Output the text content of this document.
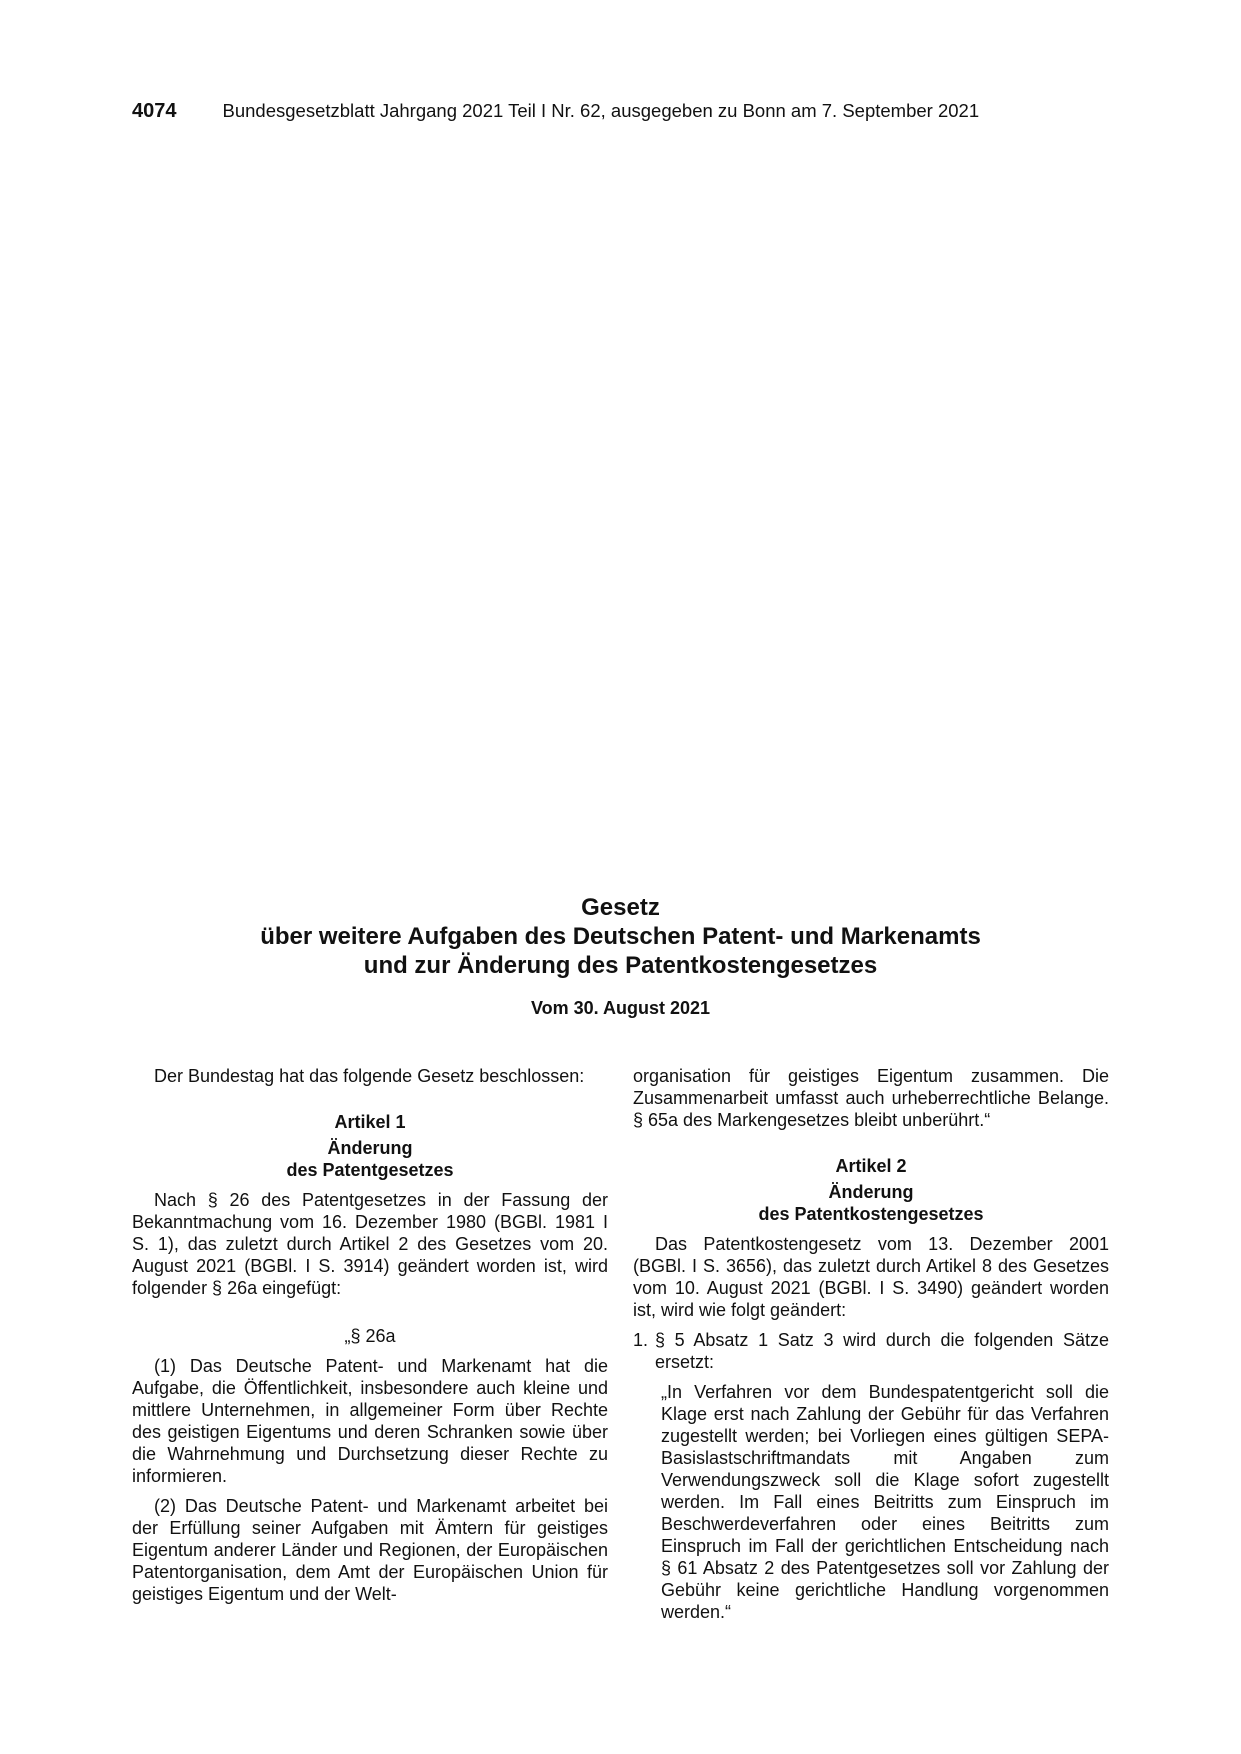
4074 Bundesgesetzblatt Jahrgang 2021 Teil I Nr. 62, ausgegeben zu Bonn am 7. September 2021
Gesetz
über weitere Aufgaben des Deutschen Patent- und Markenamts
und zur Änderung des Patentkostengesetzes
Vom 30. August 2021

Der Bundestag hat das folgende Gesetz beschlossen:

Artikel 1

Änderung

des Patentgesetzes

Nach § 26 des Patentgesetzes in der Fassung der Bekanntmachung vom 16. Dezember 1980 (BGBl. 1981 I S. 1), das zuletzt durch Artikel 2 des Gesetzes vom 20. August 2021 (BGBl. I S. 3914) geändert worden ist, wird folgender § 26a eingefügt:

„§ 26a

(1) Das Deutsche Patent- und Markenamt hat die Aufgabe, die Öffentlichkeit, insbesondere auch kleine und mittlere Unternehmen, in allgemeiner Form über Rechte des geistigen Eigentums und deren Schranken sowie über die Wahrnehmung und Durchsetzung dieser Rechte zu informieren.

(2) Das Deutsche Patent- und Markenamt arbeitet bei der Erfüllung seiner Aufgaben mit Ämtern für geistiges Eigentum anderer Länder und Regionen, der Europäischen Patentorganisation, dem Amt der Europäischen Union für geistiges Eigentum und der Welt-

organisation für geistiges Eigentum zusammen. Die Zusammenarbeit umfasst auch urheberrechtliche Belange. § 65a des Markengesetzes bleibt unberührt.“

Artikel 2

Änderung

des Patentkostengesetzes

Das Patentkostengesetz vom 13. Dezember 2001 (BGBl. I S. 3656), das zuletzt durch Artikel 8 des Gesetzes vom 10. August 2021 (BGBl. I S. 3490) geändert worden ist, wird wie folgt geändert:

1. § 5 Absatz 1 Satz 3 wird durch die folgenden Sätze ersetzt:

„In Verfahren vor dem Bundespatentgericht soll die Klage erst nach Zahlung der Gebühr für das Verfahren zugestellt werden; bei Vorliegen eines gültigen SEPA-Basislastschriftmandats mit Angaben zum Verwendungszweck soll die Klage sofort zugestellt werden. Im Fall eines Beitritts zum Einspruch im Beschwerdeverfahren oder eines Beitritts zum Einspruch im Fall der gerichtlichen Entscheidung nach § 61 Absatz 2 des Patentgesetzes soll vor Zahlung der Gebühr keine gerichtliche Handlung vorgenommen werden.“
